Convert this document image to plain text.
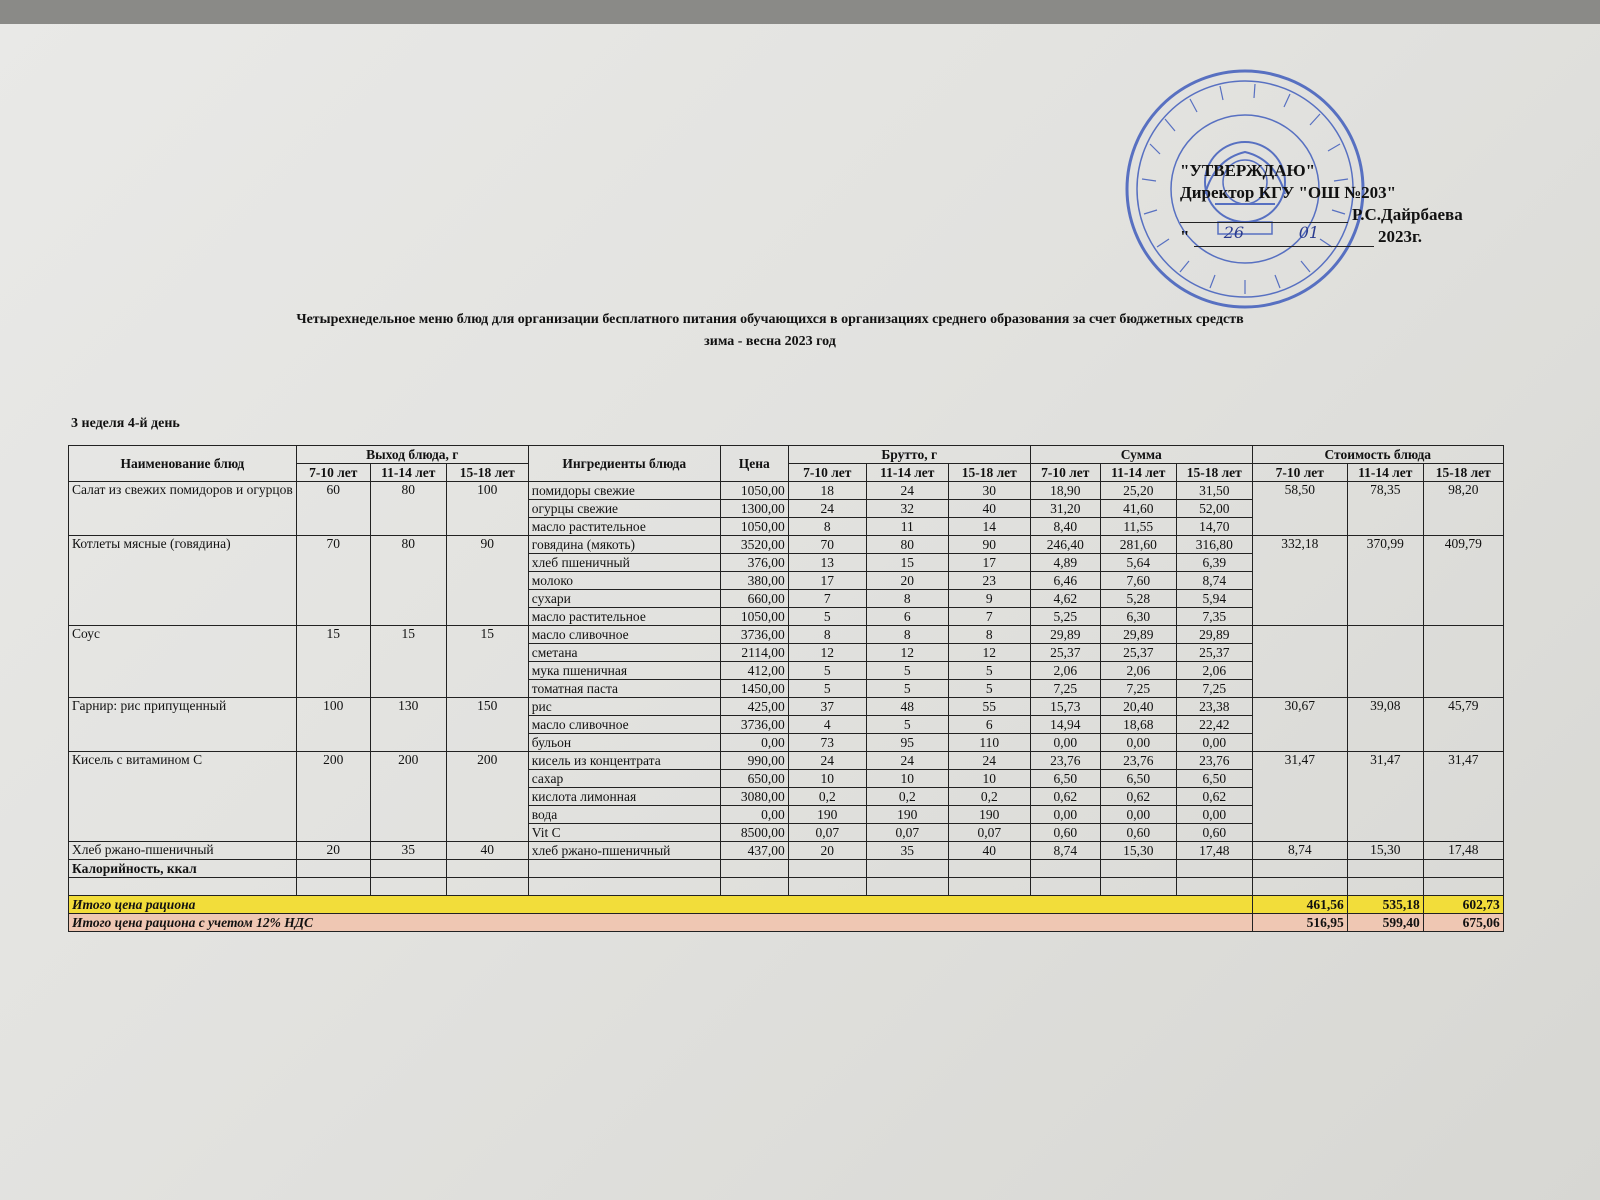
"УТВЕРЖДАЮ"
Директор КГУ "ОШ №203"
Р.С.Дайрбаева
" 26	01	2023г.
Четырехнедельное меню блюд для организации бесплатного питания обучающихся в организациях среднего образования за счет бюджетных средств
зима - весна 2023 год
3 неделя 4-й день
Наименование блюд	Выход блюда, г			Ингредиенты блюда	Цена	Брутто, г			Сумма			Стоимость блюда		
	7-10 лет	11-14 лет	15-18 лет			7-10 лет	11-14 лет	15-18 лет	7-10 лет	11-14 лет	15-18 лет	7-10 лет	11-14 лет	15-18 лет
Салат из свежих помидоров и огурцов	60	80	100	помидоры свежие	1050,00	18	24	30	18,90	25,20	31,50	58,50	78,35	98,20
				огурцы свежие	1300,00	24	32	40	31,20	41,60	52,00			
				масло растительное	1050,00	8	11	14	8,40	11,55	14,70			
Котлеты мясные (говядина)	70	80	90	говядина (мякоть)	3520,00	70	80	90	246,40	281,60	316,80	332,18	370,99	409,79
				хлеб пшеничный	376,00	13	15	17	4,89	5,64	6,39			
				молоко	380,00	17	20	23	6,46	7,60	8,74			
				сухари	660,00	7	8	9	4,62	5,28	5,94			
				масло растительное	1050,00	5	6	7	5,25	6,30	7,35			
Соус	15	15	15	масло сливочное	3736,00	8	8	8	29,89	29,89	29,89			
				сметана	2114,00	12	12	12	25,37	25,37	25,37			
				мука пшеничная	412,00	5	5	5	2,06	2,06	2,06			
				томатная паста	1450,00	5	5	5	7,25	7,25	7,25			
Гарнир: рис припущенный	100	130	150	рис	425,00	37	48	55	15,73	20,40	23,38	30,67	39,08	45,79
				масло сливочное	3736,00	4	5	6	14,94	18,68	22,42			
				бульон	0,00	73	95	110	0,00	0,00	0,00			
Кисель с витамином С	200	200	200	кисель из концентрата	990,00	24	24	24	23,76	23,76	23,76	31,47	31,47	31,47
				сахар	650,00	10	10	10	6,50	6,50	6,50			
				кислота лимонная	3080,00	0,2	0,2	0,2	0,62	0,62	0,62			
				вода	0,00	190	190	190	0,00	0,00	0,00			
				Vit C	8500,00	0,07	0,07	0,07	0,60	0,60	0,60			
Хлеб ржано-пшеничный	20	35	40	хлеб ржано-пшеничный	437,00	20	35	40	8,74	15,30	17,48	8,74	15,30	17,48
Калорийность, ккал														

Итого цена рациона												461,56	535,18	602,73
Итого цена рациона с учетом 12% НДС												516,95	599,40	675,06
